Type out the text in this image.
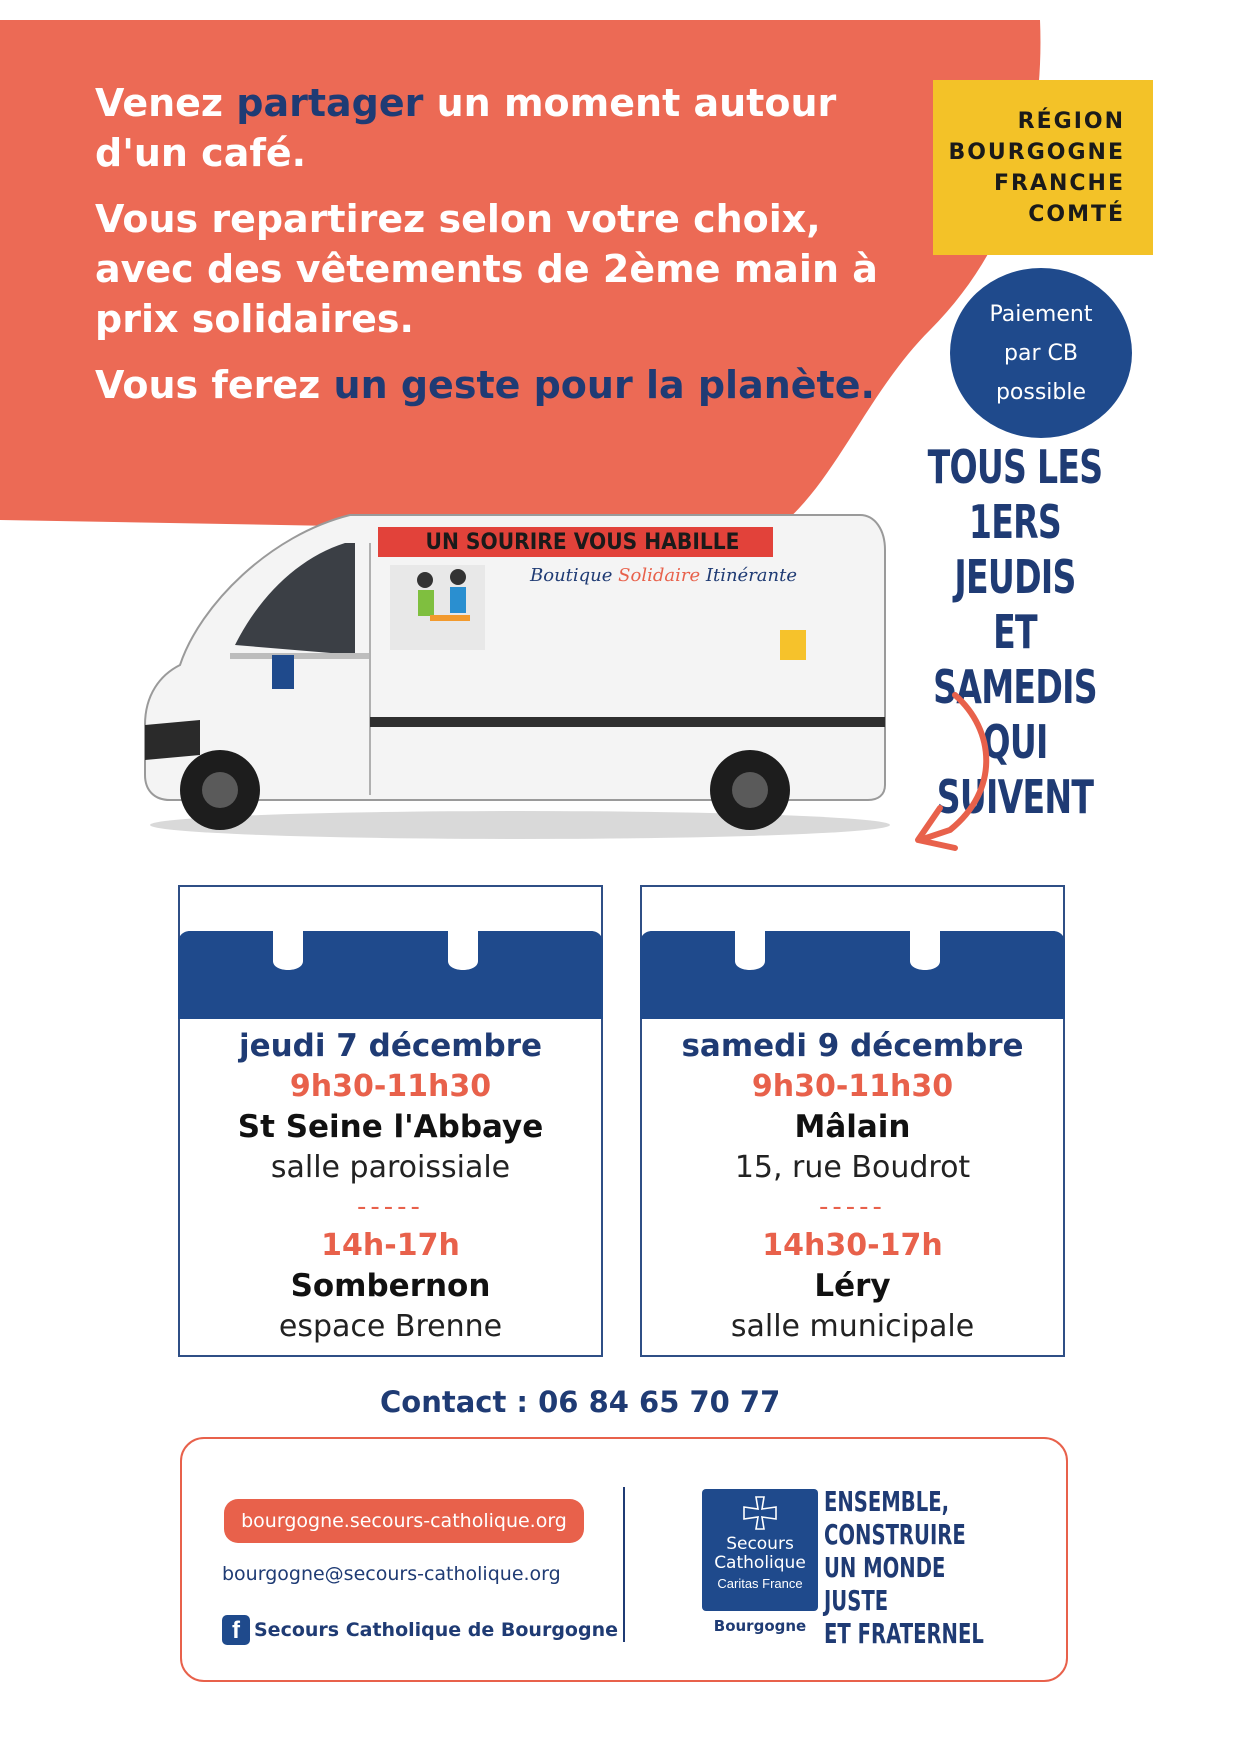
Venez partager un moment autour d'un café.

Vous repartirez selon votre choix, avec des vêtements de 2ème main à prix solidaires.

Vous ferez un geste pour la planète.

RÉGION
BOURGOGNE
FRANCHE
COMTÉ
Paiement
par CB
possible
TOUS LES
1ERS JEUDIS
ET SAMEDIS
QUI SUIVENT
UN SOURIRE VOUS HABILLE
Boutique Solidaire Itinérante
jeudi 7 décembre
9h30-11h30
St Seine l'Abbaye
salle paroissiale
-----
14h-17h
Sombernon
espace Brenne
samedi 9 décembre
9h30-11h30
Mâlain
15, rue Boudrot
-----
14h30-17h
Léry
salle municipale
Contact : 06 84 65 70 77
bourgogne.secours-catholique.org
bourgogne@secours-catholique.org
f Secours Catholique de Bourgogne
Secours
Catholique
Caritas France
Bourgogne
ENSEMBLE,
CONSTRUIRE
UN MONDE JUSTE
ET FRATERNEL
